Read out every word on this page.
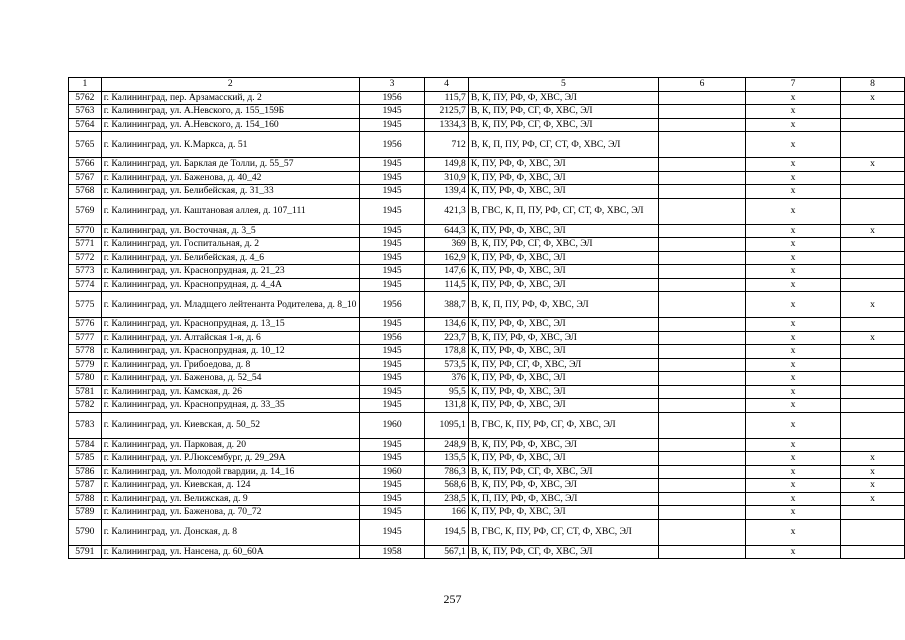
1	2	3	4	5	6	7	8
5762	г. Калининград, пер. Арзамасский, д. 2	1956	115,7	В, К, ПУ, РФ, Ф, ХВС, ЭЛ		x	x
5763	г. Калининград, ул. А.Невского, д. 155_159Б	1945	2125,7	В, К, ПУ, РФ, СГ, Ф, ХВС, ЭЛ		x	
5764	г. Калининград, ул. А.Невского, д. 154_160	1945	1334,3	В, К, ПУ, РФ, СГ, Ф, ХВС, ЭЛ		x	
5765	г. Калининград, ул. К.Маркса, д. 51	1956	712	В, К, П, ПУ, РФ, СГ, СТ, Ф, ХВС, ЭЛ		x	
5766	г. Калининград, ул. Барклая де Толли, д. 55_57	1945	149,8	К, ПУ, РФ, Ф, ХВС, ЭЛ		x	x
5767	г. Калининград, ул. Баженова, д. 40_42	1945	310,9	К, ПУ, РФ, Ф, ХВС, ЭЛ		x	
5768	г. Калининград, ул. Белибейская, д. 31_33	1945	139,4	К, ПУ, РФ, Ф, ХВС, ЭЛ		x	
5769	г. Калининград, ул. Каштановая аллея, д. 107_111	1945	421,3	В, ГВС, К, П, ПУ, РФ, СГ, СТ, Ф, ХВС, ЭЛ		x	
5770	г. Калининград, ул. Восточная, д. 3_5	1945	644,3	К, ПУ, РФ, Ф, ХВС, ЭЛ		x	x
5771	г. Калининград, ул. Госпитальная, д. 2	1945	369	В, К, ПУ, РФ, СГ, Ф, ХВС, ЭЛ		x	
5772	г. Калининград, ул. Белибейская, д. 4_6	1945	162,9	К, ПУ, РФ, Ф, ХВС, ЭЛ		x	
5773	г. Калининград, ул. Краснопрудная, д. 21_23	1945	147,6	К, ПУ, РФ, Ф, ХВС, ЭЛ		x	
5774	г. Калининград, ул. Краснопрудная, д. 4_4А	1945	114,5	К, ПУ, РФ, Ф, ХВС, ЭЛ		x	
5775	г. Калининград, ул. Младщего лейтенанта Родителева, д. 8_10	1956	388,7	В, К, П, ПУ, РФ, Ф, ХВС, ЭЛ		x	x
5776	г. Калининград, ул. Краснопрудная, д. 13_15	1945	134,6	К, ПУ, РФ, Ф, ХВС, ЭЛ		x	
5777	г. Калининград, ул. Алтайская 1-я, д. 6	1956	223,7	В, К, ПУ, РФ, Ф, ХВС, ЭЛ		x	x
5778	г. Калининград, ул. Краснопрудная, д. 10_12	1945	178,8	К, ПУ, РФ, Ф, ХВС, ЭЛ		x	
5779	г. Калининград, ул. Грибоедова, д. 8	1945	573,5	К, ПУ, РФ, СГ, Ф, ХВС, ЭЛ		x	
5780	г. Калининград, ул. Баженова, д. 52_54	1945	376	К, ПУ, РФ, Ф, ХВС, ЭЛ		x	
5781	г. Калининград, ул. Камская, д. 26	1945	95,5	К, ПУ, РФ, Ф, ХВС, ЭЛ		x	
5782	г. Калининград, ул. Краснопрудная, д. 33_35	1945	131,8	К, ПУ, РФ, Ф, ХВС, ЭЛ		x	
5783	г. Калининград, ул. Киевская, д. 50_52	1960	1095,1	В, ГВС, К, ПУ, РФ, СГ, Ф, ХВС, ЭЛ		x	
5784	г. Калининград, ул. Парковая, д. 20	1945	248,9	В, К, ПУ, РФ, Ф, ХВС, ЭЛ		x	
5785	г. Калининград, ул. Р.Люксембург, д. 29_29А	1945	135,5	К, ПУ, РФ, Ф, ХВС, ЭЛ		x	x
5786	г. Калининград, ул. Молодой гвардии, д. 14_16	1960	786,3	В, К, ПУ, РФ, СГ, Ф, ХВС, ЭЛ		x	x
5787	г. Калининград, ул. Киевская, д. 124	1945	568,6	В, К, ПУ, РФ, Ф, ХВС, ЭЛ		x	x
5788	г. Калининград, ул. Велижская, д. 9	1945	238,5	К, П, ПУ, РФ, Ф, ХВС, ЭЛ		x	x
5789	г. Калининград, ул. Баженова, д. 70_72	1945	166	К, ПУ, РФ, Ф, ХВС, ЭЛ		x	
5790	г. Калининград, ул. Донская, д. 8	1945	194,5	В, ГВС, К, ПУ, РФ, СГ, СТ, Ф, ХВС, ЭЛ		x	
5791	г. Калининград, ул. Нансена, д. 60_60А	1958	567,1	В, К, ПУ, РФ, СГ, Ф, ХВС, ЭЛ		x	
257
